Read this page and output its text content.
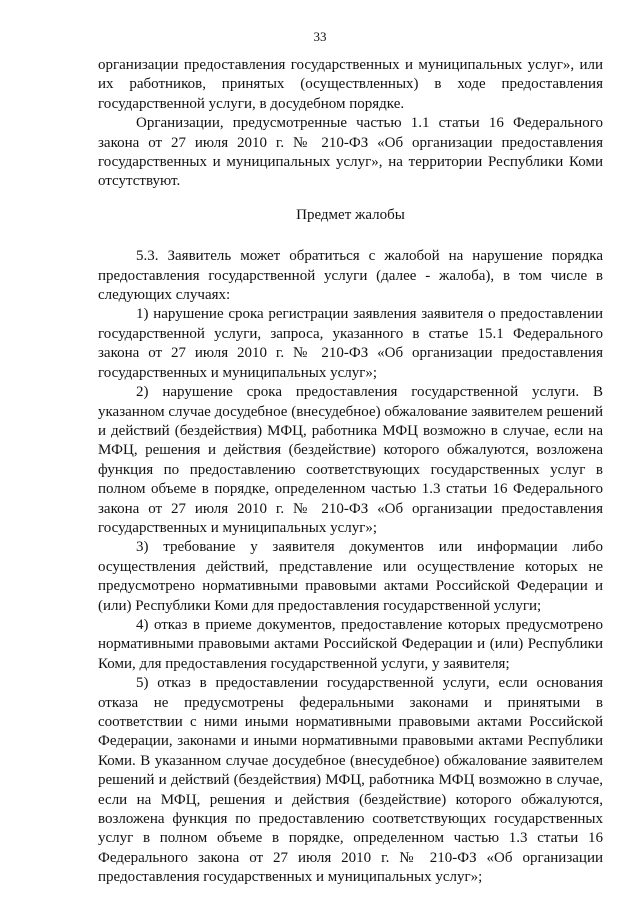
33

организации предоставления государственных и муниципальных услуг», или их работников, принятых (осуществленных) в ходе предоставления государственной услуги, в досудебном порядке.

Организации, предусмотренные частью 1.1 статьи 16 Федерального закона от 27 июля 2010 г. № 210-ФЗ «Об организации предоставления государственных и муниципальных услуг», на территории Республики Коми отсутствуют.

Предмет жалобы

5.3. Заявитель может обратиться с жалобой на нарушение порядка предоставления государственной услуги (далее - жалоба), в том числе в следующих случаях:

1) нарушение срока регистрации заявления заявителя о предоставлении государственной услуги, запроса, указанного в статье 15.1 Федерального закона от 27 июля 2010 г. № 210-ФЗ «Об организации предоставления государственных и муниципальных услуг»;

2) нарушение срока предоставления государственной услуги. В указанном случае досудебное (внесудебное) обжалование заявителем решений и действий (бездействия) МФЦ, работника МФЦ возможно в случае, если на МФЦ, решения и действия (бездействие) которого обжалуются, возложена функция по предоставлению соответствующих государственных услуг в полном объеме в порядке, определенном частью 1.3 статьи 16 Федерального закона от 27 июля 2010 г. № 210-ФЗ «Об организации предоставления государственных и муниципальных услуг»;

3) требование у заявителя документов или информации либо осуществления действий, представление или осуществление которых не предусмотрено нормативными правовыми актами Российской Федерации и (или) Республики Коми для предоставления государственной услуги;

4) отказ в приеме документов, предоставление которых предусмотрено нормативными правовыми актами Российской Федерации и (или) Республики Коми, для предоставления государственной услуги, у заявителя;

5) отказ в предоставлении государственной услуги, если основания отказа не предусмотрены федеральными законами и принятыми в соответствии с ними иными нормативными правовыми актами Российской Федерации, законами и иными нормативными правовыми актами Республики Коми. В указанном случае досудебное (внесудебное) обжалование заявителем решений и действий (бездействия) МФЦ, работника МФЦ возможно в случае, если на МФЦ, решения и действия (бездействие) которого обжалуются, возложена функция по предоставлению соответствующих государственных услуг в полном объеме в порядке, определенном частью 1.3 статьи 16 Федерального закона от 27 июля 2010 г. № 210-ФЗ «Об организации предоставления государственных и муниципальных услуг»;
